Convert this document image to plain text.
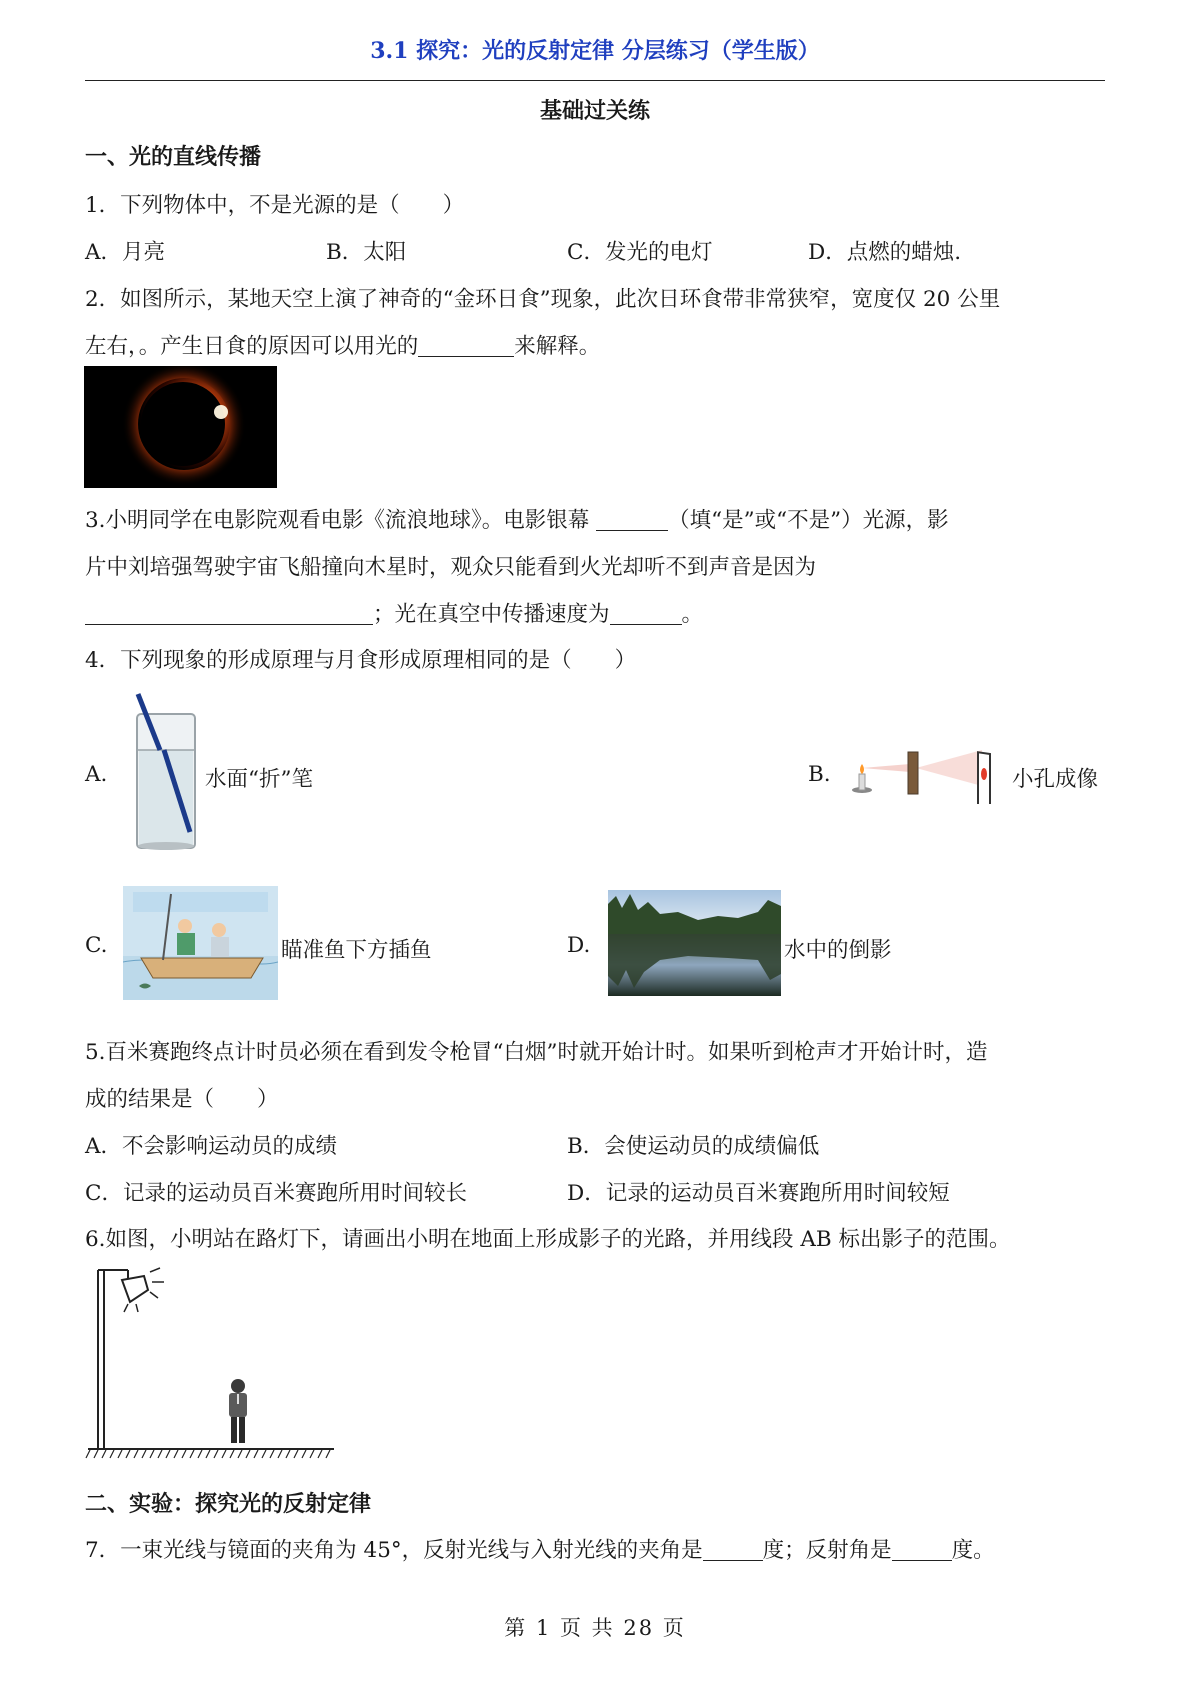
3.1 探究：光的反射定律 分层练习（学生版）
基础过关练
一、光的直线传播
1．下列物体中，不是光源的是（　　）
A．月亮	B．太阳	C．发光的电灯	D．点燃的蜡烛.
2．如图所示，某地天空上演了神奇的“金环日食”现象，此次日环食带非常狭窄，宽度仅 20 公里
左右，。产生日食的原因可以用光的	来解释。
3.小明同学在电影院观看电影《流浪地球》。电影银幕	（填“是”或“不是”）光源，影
片中刘培强驾驶宇宙飞船撞向木星时，观众只能看到火光却听不到声音是因为
；光在真空中传播速度为	。
4．下列现象的形成原理与月食形成原理相同的是（　　）
A.	水面“折”笔	B.	小孔成像
C.	瞄准鱼下方插鱼	D.	水中的倒影
5.百米赛跑终点计时员必须在看到发令枪冒“白烟”时就开始计时。如果听到枪声才开始计时，造
成的结果是（　　）
A．不会影响运动员的成绩	B．会使运动员的成绩偏低
C．记录的运动员百米赛跑所用时间较长	D．记录的运动员百米赛跑所用时间较短
6.如图，小明站在路灯下，请画出小明在地面上形成影子的光路，并用线段 AB 标出影子的范围。
二、实验：探究光的反射定律
7．一束光线与镜面的夹角为 45°，反射光线与入射光线的夹角是	度；反射角是	度。
第 1 页 共 28 页
